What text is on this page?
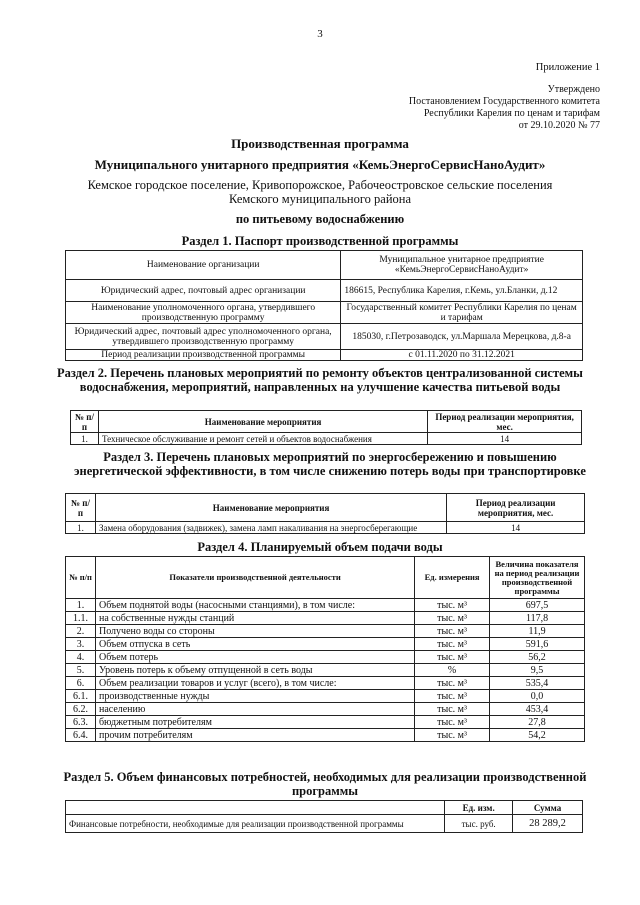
3
Приложение 1
Утверждено
Постановлением Государственного комитета
Республики Карелия по ценам и тарифам
от 29.10.2020 № 77
Производственная программа
Муниципального унитарного предприятия «КемьЭнергоСервисНаноАудит»
Кемское городское поселение, Кривопорожское, Рабочеостровское сельские поселения
Кемского муниципального района
по питьевому водоснабжению
Раздел 1. Паспорт производственной программы
Наименование организации	Муниципальное унитарное предприятие «КемьЭнергоСервисНаноАудит»
Юридический адрес, почтовый адрес организации	186615, Республика Карелия, г.Кемь, ул.Бланки, д.12
Наименование уполномоченного органа, утвердившего производственную программу	Государственный комитет Республики Карелия по ценам и тарифам
Юридический адрес, почтовый адрес уполномоченного органа, утвердившего производственную программу	185030, г.Петрозаводск, ул.Маршала Мерецкова, д.8-а
Период реализации производственной программы	с 01.11.2020 по 31.12.2021
Раздел 2. Перечень плановых мероприятий по ремонту объектов централизованной системы водоснабжения, мероприятий, направленных на улучшение качества питьевой воды
№ п/п	Наименование мероприятия	Период реализации мероприятия, мес.
1.	Техническое обслуживание и ремонт сетей и объектов водоснабжения	14
Раздел 3. Перечень плановых мероприятий по энергосбережению и повышению энергетической эффективности, в том числе снижению потерь воды при транспортировке
№ п/п	Наименование мероприятия	Период реализации мероприятия, мес.
1.	Замена оборудования (задвижек), замена ламп накаливания на энергосберегающие	14
Раздел 4. Планируемый объем подачи воды
№ п/п	Показатели производственной деятельности	Ед. измерения	Величина показателя на период реализации производственной программы
1.	Объем поднятой воды (насосными станциями), в том числе:	тыс. м³	697,5
1.1.	на собственные нужды станций	тыс. м³	117,8
2.	Получено воды со стороны	тыс. м³	11,9
3.	Объем отпуска в сеть	тыс. м³	591,6
4.	Объем потерь	тыс. м³	56,2
5.	Уровень потерь к объему отпущенной в сеть воды	%	9,5
6.	Объем реализации товаров и услуг (всего), в том числе:	тыс. м³	535,4
6.1.	производственные нужды	тыс. м³	0,0
6.2.	населению	тыс. м³	453,4
6.3.	бюджетным потребителям	тыс. м³	27,8
6.4.	прочим потребителям	тыс. м³	54,2
Раздел 5. Объем финансовых потребностей, необходимых для реализации производственной программы
	Ед. изм.	Сумма
Финансовые потребности, необходимые для реализации производственной программы	тыс. руб.	28 289,2
